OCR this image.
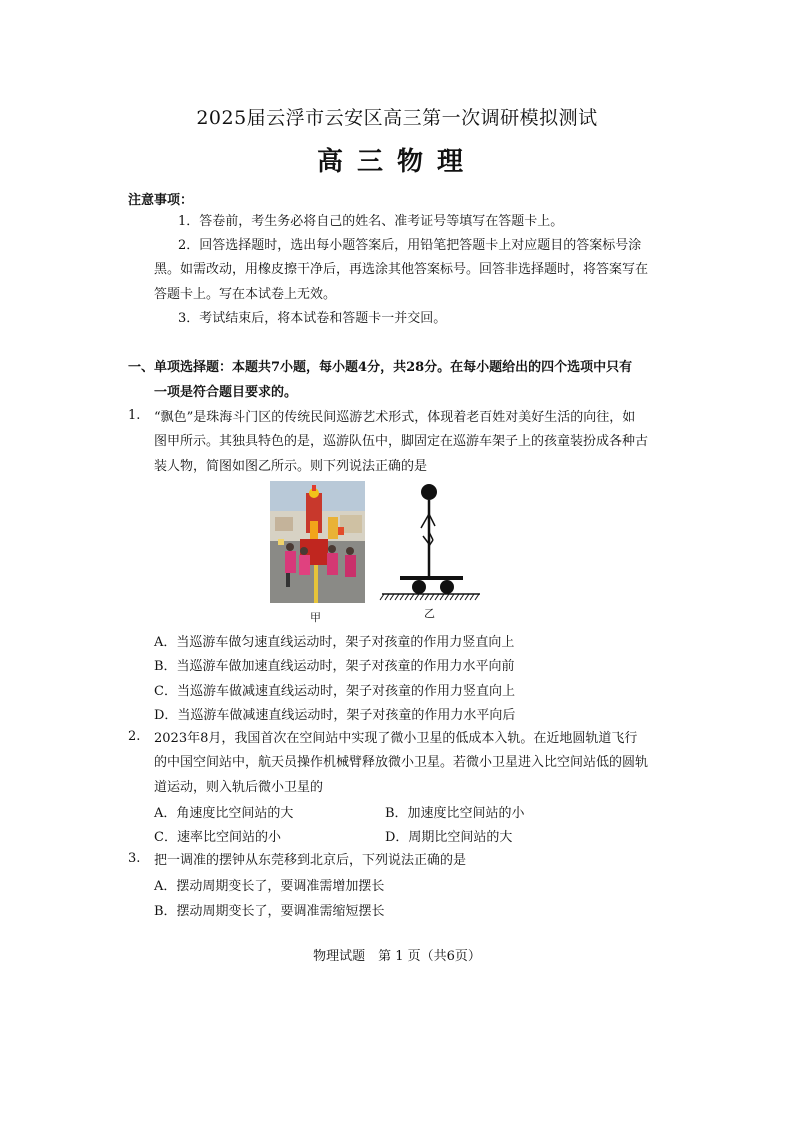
2025届云浮市云安区高三第一次调研模拟测试
高三物理
注意事项：
1．答卷前，考生务必将自己的姓名、准考证号等填写在答题卡上。
2．回答选择题时，选出每小题答案后，用铅笔把答题卡上对应题目的答案标号涂
黑。如需改动，用橡皮擦干净后，再选涂其他答案标号。回答非选择题时，将答案写在
答题卡上。写在本试卷上无效。
3．考试结束后，将本试卷和答题卡一并交回。
一、单项选择题：本题共7小题，每小题4分，共28分。在每小题给出的四个选项中只有
一项是符合题目要求的。
1. “飘色”是珠海斗门区的传统民间巡游艺术形式，体现着老百姓对美好生活的向往，如
图甲所示。其独具特色的是，巡游队伍中，脚固定在巡游车架子上的孩童装扮成各种古
装人物，简图如图乙所示。则下列说法正确的是
甲	乙
A．当巡游车做匀速直线运动时，架子对孩童的作用力竖直向上
B．当巡游车做加速直线运动时，架子对孩童的作用力水平向前
C．当巡游车做减速直线运动时，架子对孩童的作用力竖直向上
D．当巡游车做减速直线运动时，架子对孩童的作用力水平向后
2. 2023年8月，我国首次在空间站中实现了微小卫星的低成本入轨。在近地圆轨道飞行
的中国空间站中，航天员操作机械臂释放微小卫星。若微小卫星进入比空间站低的圆轨
道运动，则入轨后微小卫星的
A．角速度比空间站的大	B．加速度比空间站的小
C．速率比空间站的小	D．周期比空间站的大
3. 把一调准的摆钟从东莞移到北京后，下列说法正确的是
A．摆动周期变长了，要调准需增加摆长
B．摆动周期变长了，要调准需缩短摆长
物理试题　第 1 页（共6页）
